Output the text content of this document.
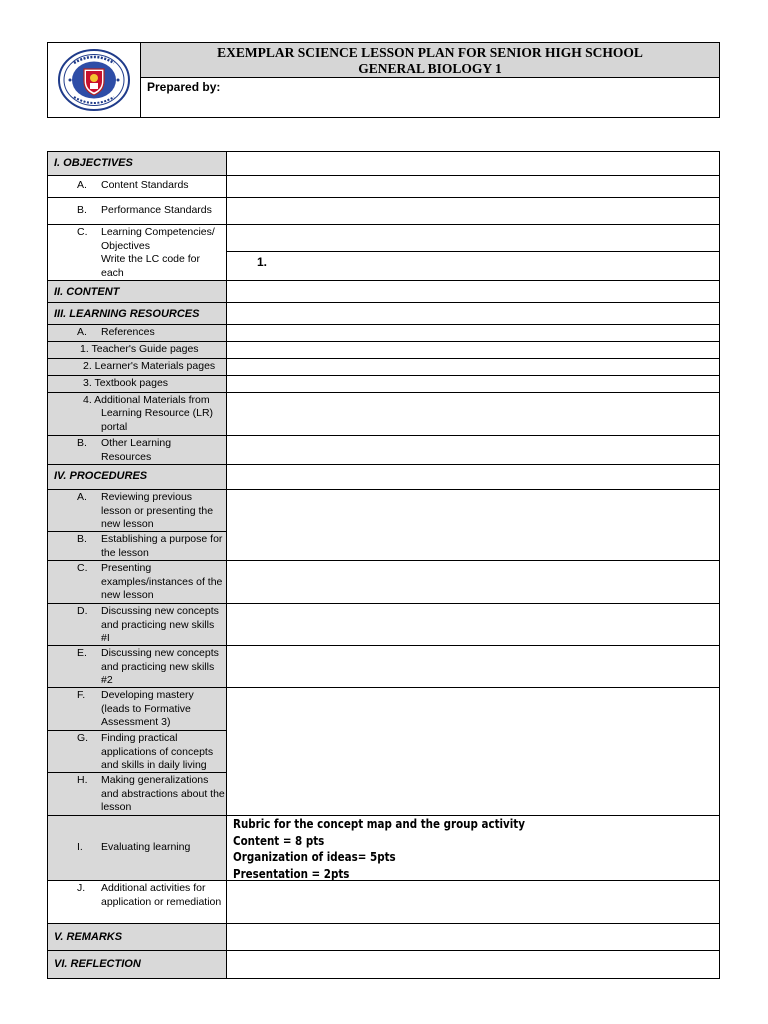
EXEMPLAR SCIENCE LESSON PLAN FOR SENIOR HIGH SCHOOL
GENERAL BIOLOGY 1
Prepared by:
I. OBJECTIVES
A.	Content Standards
B.	Performance Standards
C.	Learning Competencies/ Objectives
Write the LC code for each
1.
II. CONTENT
III. LEARNING RESOURCES
A.	References
1. Teacher's Guide pages
2. Learner's Materials pages
3. Textbook pages
4. Additional Materials from
Learning Resource (LR) portal
B.	Other Learning Resources
IV. PROCEDURES
A.	Reviewing previous lesson or presenting the new lesson
B.	Establishing a purpose for the lesson
C.	Presenting examples/instances of the new lesson
D.	Discussing new concepts and practicing new skills #I
E.	Discussing new concepts and practicing new skills #2
F.	Developing mastery (leads to Formative Assessment 3)
G.	Finding practical applications of concepts and skills in daily living
H.	Making generalizations and abstractions about the lesson
I.	Evaluating learning
Rubric for the concept map and the group activity
Content = 8 pts
Organization of ideas= 5pts
Presentation = 2pts
J.	Additional activities for application or remediation
V. REMARKS
VI. REFLECTION
